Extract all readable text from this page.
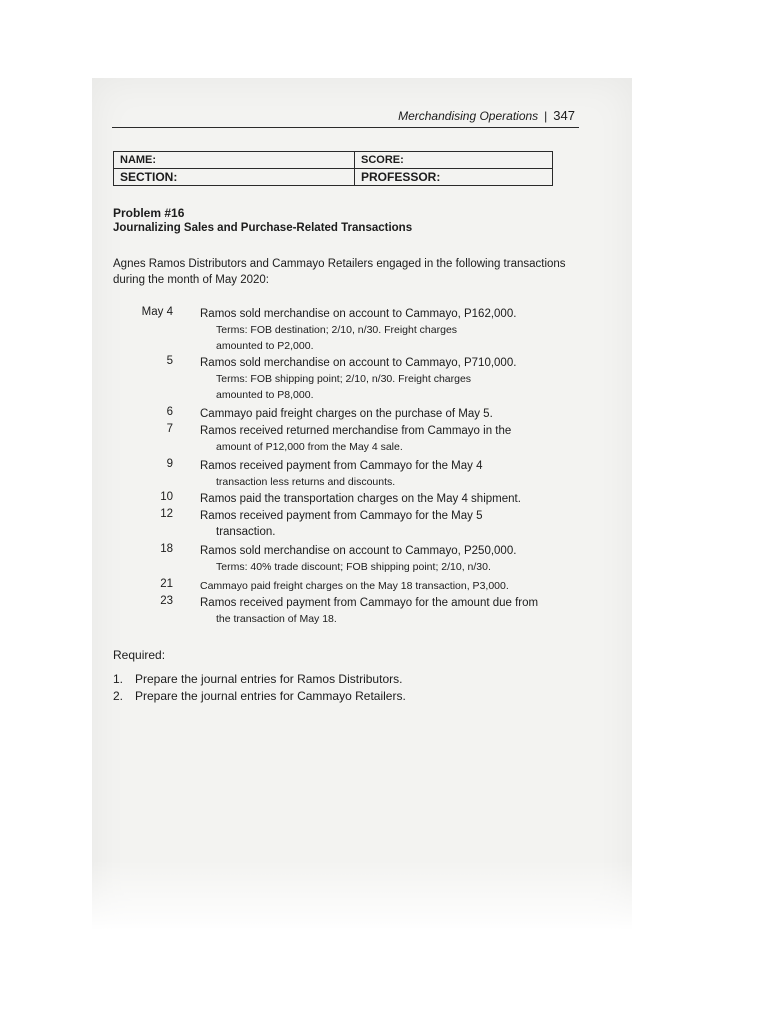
Merchandising Operations | 347
NAME:	SCORE:
SECTION:	PROFESSOR:
Problem #16
Journalizing Sales and Purchase-Related Transactions
Agnes Ramos Distributors and Cammayo Retailers engaged in the following transactions during the month of May 2020:
May 4 Ramos sold merchandise on account to Cammayo, P162,000.
Terms: FOB destination; 2/10, n/30. Freight charges
amounted to P2,000.
5 Ramos sold merchandise on account to Cammayo, P710,000.
Terms: FOB shipping point; 2/10, n/30. Freight charges
amounted to P8,000.
6 Cammayo paid freight charges on the purchase of May 5.
7 Ramos received returned merchandise from Cammayo in the
amount of P12,000 from the May 4 sale.
9 Ramos received payment from Cammayo for the May 4
transaction less returns and discounts.
10 Ramos paid the transportation charges on the May 4 shipment.
12 Ramos received payment from Cammayo for the May 5
transaction.
18 Ramos sold merchandise on account to Cammayo, P250,000.
Terms: 40% trade discount; FOB shipping point; 2/10, n/30.
21	Cammayo paid freight charges on the May 18 transaction, P3,000.
23 Ramos received payment from Cammayo for the amount due from
the transaction of May 18.
Required:
1. Prepare the journal entries for Ramos Distributors.
2. Prepare the journal entries for Cammayo Retailers.
